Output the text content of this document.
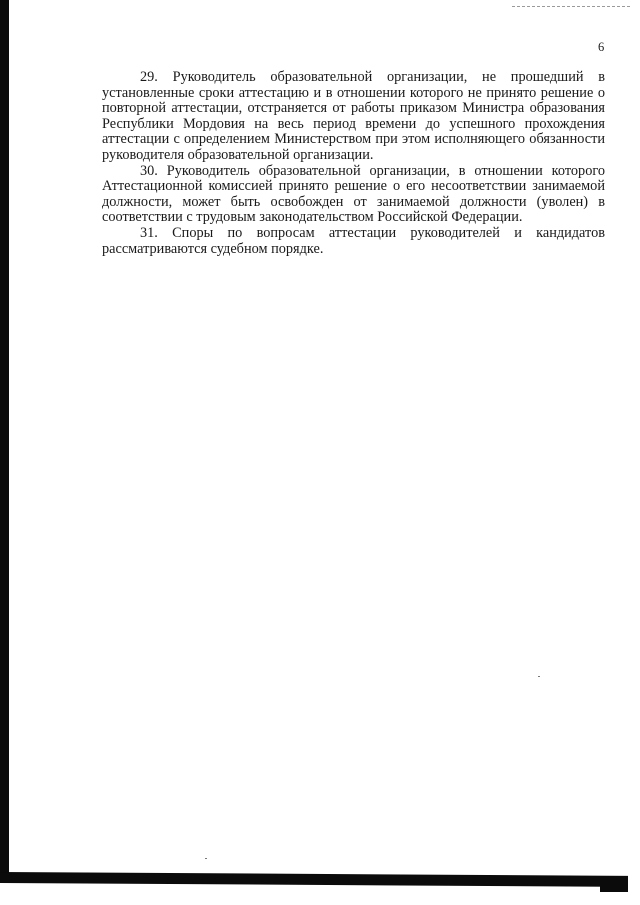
6

29. Руководитель образовательной организации, не прошедший в установленные сроки аттестацию и в отношении которого не принято решение о повторной аттестации, отстраняется от работы приказом Министра образования Республики Мордовия на весь период времени до успешного прохождения аттестации с определением Министерством при этом исполняющего обязанности руководителя образовательной организации.

30. Руководитель образовательной организации, в отношении которого Аттестационной комиссией принято решение о его несоответствии занимаемой должности, может быть освобожден от занимаемой должности (уволен) в соответствии с трудовым законодательством Российской Федерации.

31. Споры по вопросам аттестации руководителей и кандидатов рассматриваются судебном порядке.
